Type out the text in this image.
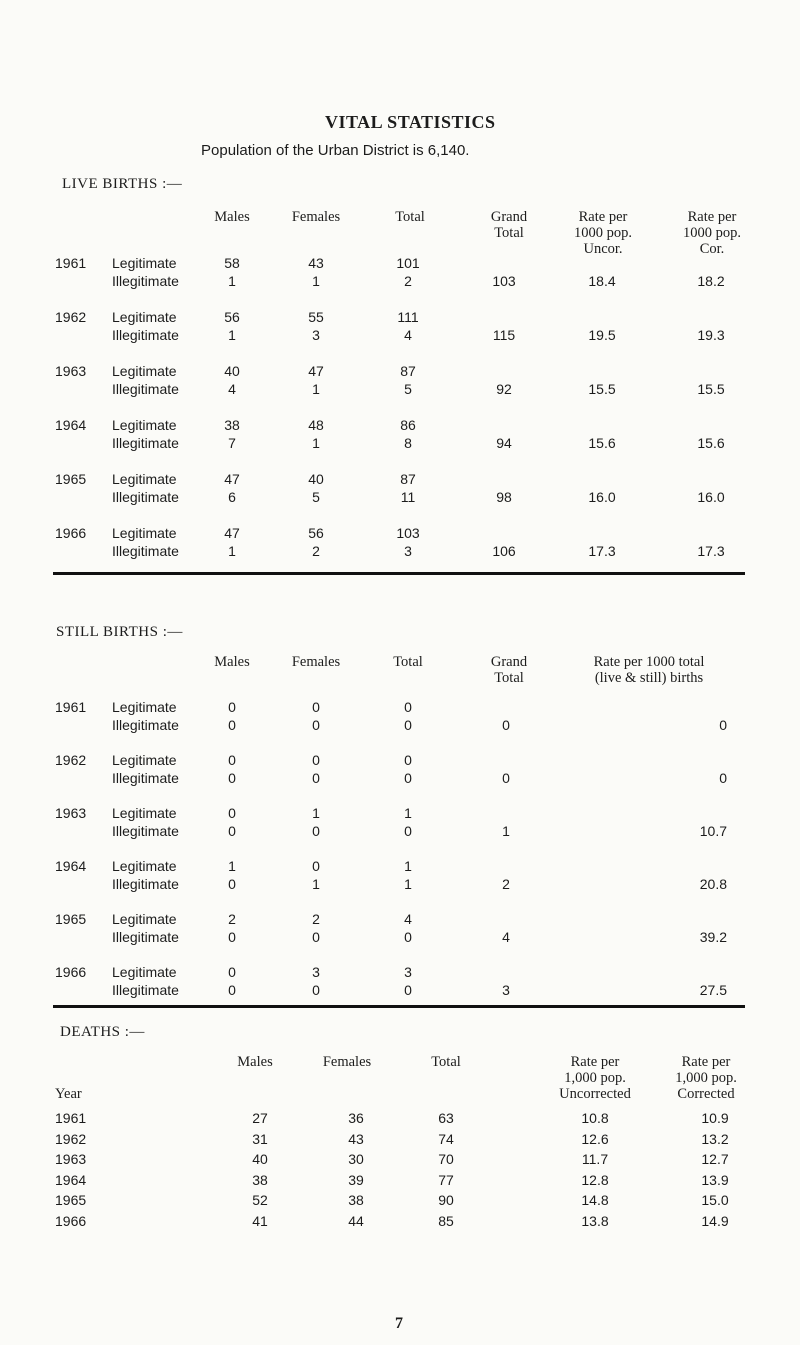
VITAL STATISTICS
Population of the Urban District is 6,140.
LIVE BIRTHS :—
Males	Females	Total	Grand
Total
Rate per
1000 pop.
Uncor.
Rate per
1000 pop.
Cor.
1961 Legitimate	58	43	101
Illegitimate	1	1	2	103	18.4	18.2
1962 Legitimate	56	55	111
Illegitimate	1	3	4	115	19.5	19.3
1963 Legitimate	40	47	87
Illegitimate	4	1	5	92	15.5	15.5
1964 Legitimate	38	48	86
Illegitimate	7	1	8	94	15.6	15.6
1965 Legitimate	47	40	87
Illegitimate	6	5	11	98	16.0	16.0
1966 Legitimate	47	56	103
Illegitimate	1	2	3	106	17.3	17.3
STILL BIRTHS :—
Males	Females	Total	Grand
Total
Rate per 1000 total
(live & still) births
1961 Legitimate	0	0	0
Illegitimate	0	0	0	0	0
1962 Legitimate	0	0	0
Illegitimate	0	0	0	0	0
1963 Legitimate	0	1	1
Illegitimate	0	0	0	1	10.7
1964 Legitimate	1	0	1
Illegitimate	0	1	1	2	20.8
1965 Legitimate	2	2	4
Illegitimate	0	0	0	4	39.2
1966 Legitimate	0	3	3
Illegitimate	0	0	0	3	27.5
DEATHS :—
Year
Males	Females	Total	Rate per
1,000 pop.
Uncorrected
Rate per
1,000 pop.
Corrected
1961	27	36	63	10.8	10.9
1962	31	43	74	12.6	13.2
1963	40	30	70	11.7	12.7
1964	38	39	77	12.8	13.9
1965	52	38	90	14.8	15.0
1966	41	44	85	13.8	14.9
7
